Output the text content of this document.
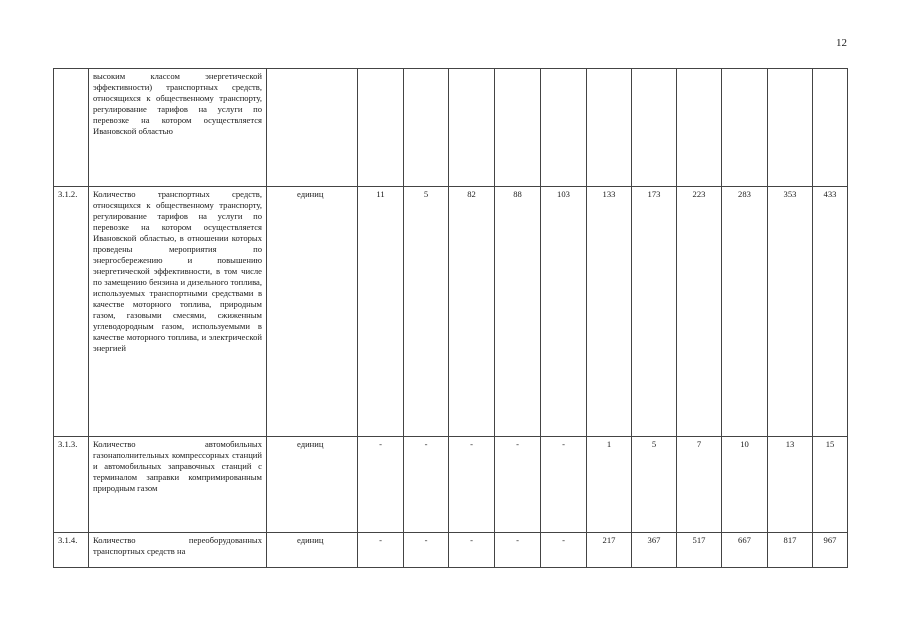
12
	высоким классом энергетической эффективности) транспортных средств, относящихся к общественному транспорту, регулирование тарифов на услуги по перевозке на котором осуществляется Ивановской областью												
3.1.2.	Количество транспортных средств, относящихся к общественному транспорту, регулирование тарифов на услуги по перевозке на котором осуществляется Ивановской областью, в отношении которых проведены мероприятия по энергосбережению и повышению энергетической эффективности, в том числе по замещению бензина и дизельного топлива, используемых транспортными средствами в качестве моторного топлива, природным газом, газовыми смесями, сжиженным углеводородным газом, используемыми в качестве моторного топлива, и электрической энергией	единиц	11	5	82	88	103	133	173	223	283	353	433
3.1.3.	Количество автомобильных газонаполнительных компрессорных станций и автомобильных заправочных станций с терминалом заправки компримированным природным газом	единиц	-	-	-	-	-	1	5	7	10	13	15
3.1.4.	Количество переоборудованных транспортных средств на	единиц	-	-	-	-	-	217	367	517	667	817	967
